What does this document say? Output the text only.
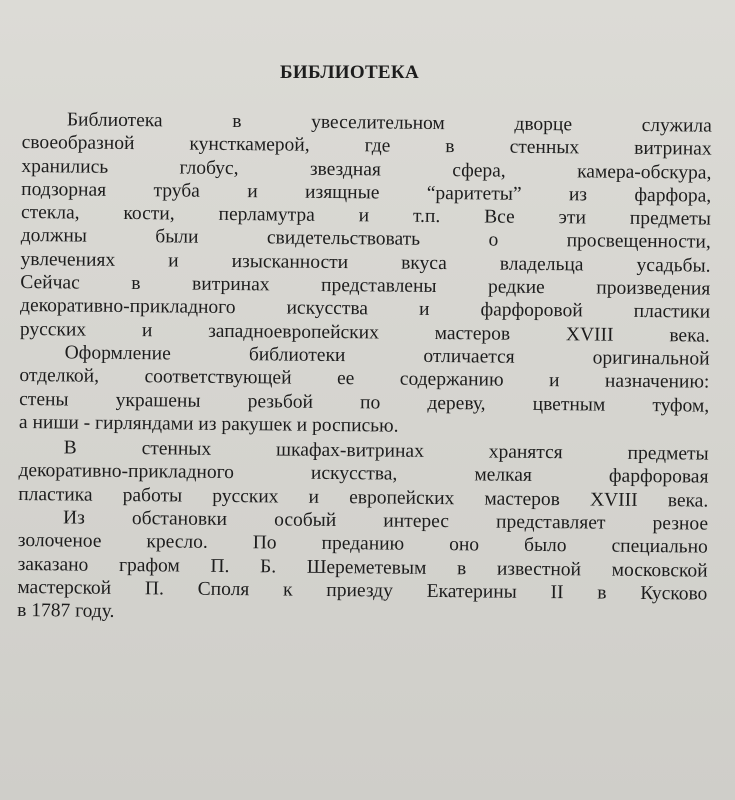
БИБЛИОТЕКА
Библиотека в увеселительном дворце служила
своеобразной кунсткамерой, где в стенных витринах
хранились глобус, звездная сфера, камера-обскура,
подзорная труба и изящные “раритеты” из фарфора,
стекла, кости, перламутра и т.п. Все эти предметы
должны были свидетельствовать о просвещенности,
увлечениях и изысканности вкуса владельца усадьбы.
Сейчас в витринах представлены редкие произведения
декоративно-прикладного искусства и фарфоровой пластики
русских и западноевропейских мастеров XVIII века.
Оформление библиотеки отличается оригинальной
отделкой, соответствующей ее содержанию и назначению:
стены украшены резьбой по дереву, цветным туфом,
а ниши - гирляндами из ракушек и росписью.
В стенных шкафах-витринах хранятся предметы
декоративно-прикладного искусства, мелкая фарфоровая
пластика работы русских и европейских мастеров XVIII века.
Из обстановки особый интерес представляет резное
золоченое кресло. По преданию оно было специально
заказано графом П. Б. Шереметевым в известной московской
мастерской П. Споля к приезду Екатерины II в Кусково
в 1787 году.
